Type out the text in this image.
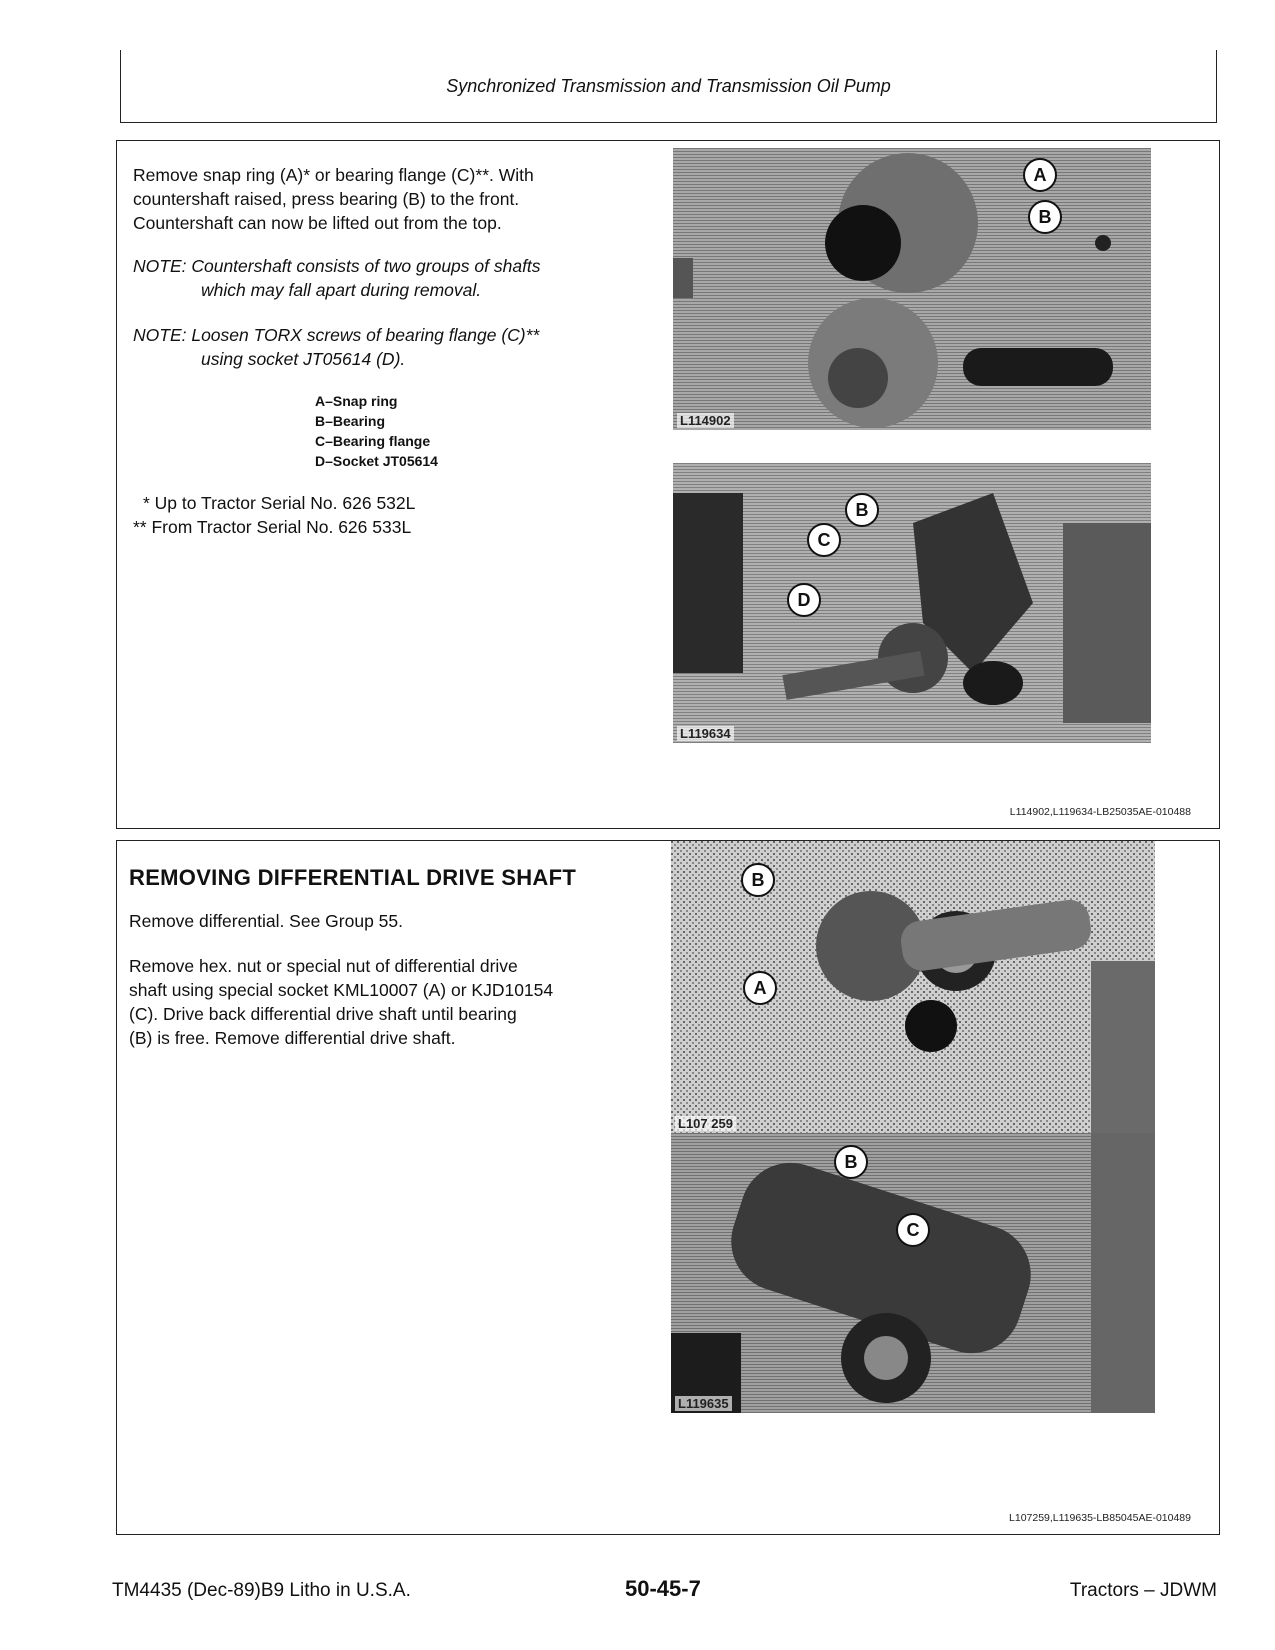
Synchronized Transmission and Transmission Oil Pump
Remove snap ring (A)* or bearing flange (C)**. With
countershaft raised, press bearing (B) to the front.
Countershaft can now be lifted out from the top.
NOTE: Countershaft consists of two groups of shafts
which may fall apart during removal.
NOTE: Loosen TORX screws of bearing flange (C)**
using socket JT05614 (D).
A–Snap ring
B–Bearing
C–Bearing flange
D–Socket JT05614
* Up to Tractor Serial No. 626 532L
** From Tractor Serial No. 626 533L
A
B
L114902
B
C
D
L119634
L114902,L119634-LB25035AE-010488
REMOVING DIFFERENTIAL DRIVE SHAFT
Remove differential. See Group 55.
Remove hex. nut or special nut of differential drive
shaft using special socket KML10007 (A) or KJD10154
(C). Drive back differential drive shaft until bearing
(B) is free. Remove differential drive shaft.
B
A
L107 259
B
C
L119635
L107259,L119635-LB85045AE-010489
TM4435 (Dec-89)B9 Litho in U.S.A.	50-45-7	Tractors – JDWM
